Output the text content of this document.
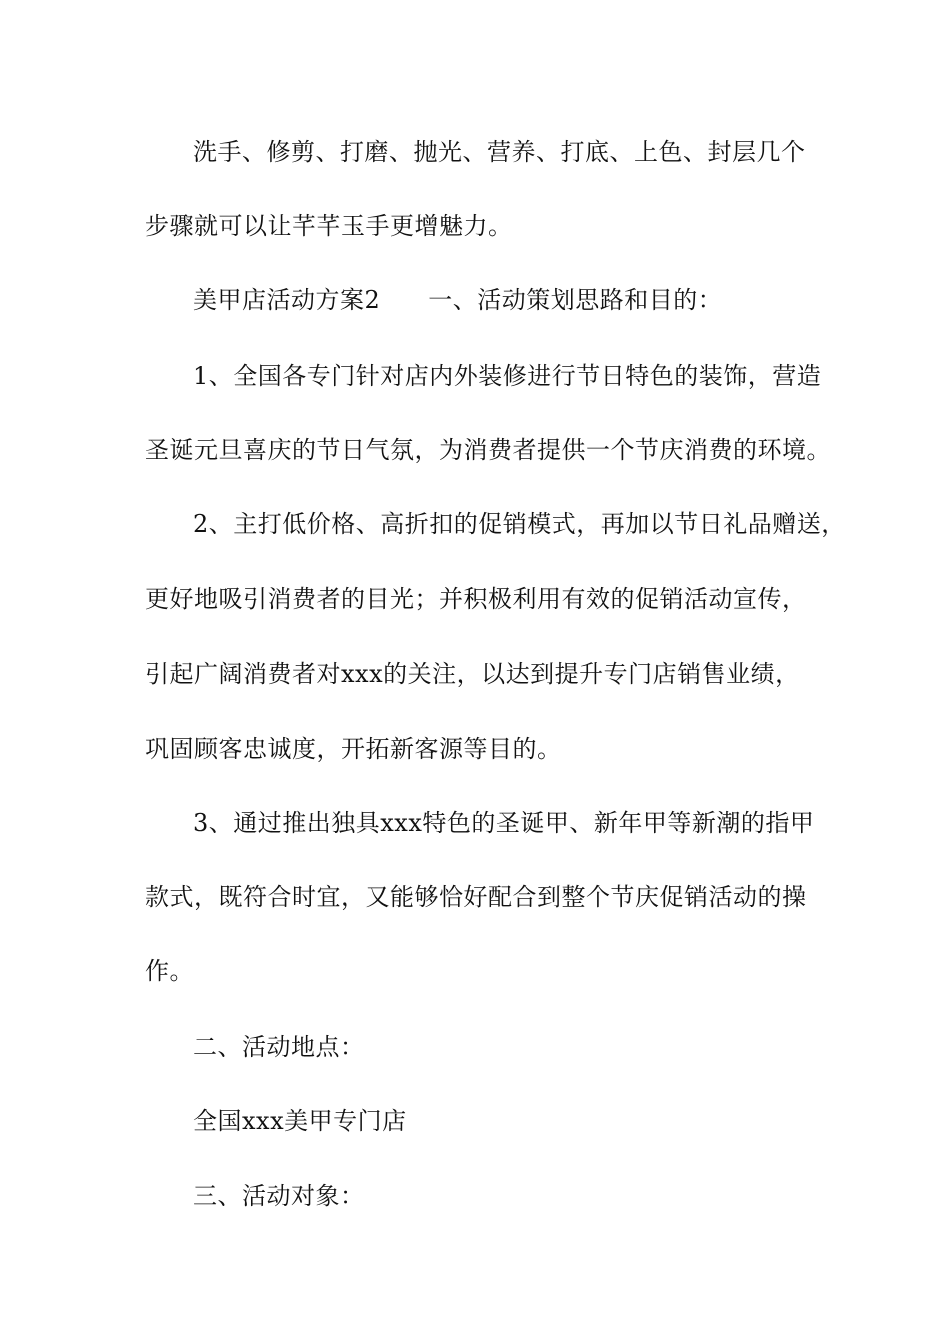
洗手、修剪、打磨、抛光、营养、打底、上色、封层几个
步骤就可以让芊芊玉手更增魅力。
美甲店活动方案2 一、活动策划思路和目的：
1、全国各专门针对店内外装修进行节日特色的装饰，营造
圣诞元旦喜庆的节日气氛，为消费者提供一个节庆消费的环境。
2、主打低价格、高折扣的促销模式，再加以节日礼品赠送，
更好地吸引消费者的目光；并积极利用有效的促销活动宣传，
引起广阔消费者对xxx的关注，以达到提升专门店销售业绩，
巩固顾客忠诚度，开拓新客源等目的。
3、通过推出独具xxx特色的圣诞甲、新年甲等新潮的指甲
款式，既符合时宜，又能够恰好配合到整个节庆促销活动的操
作。
二、活动地点：
全国xxx美甲专门店
三、活动对象：
